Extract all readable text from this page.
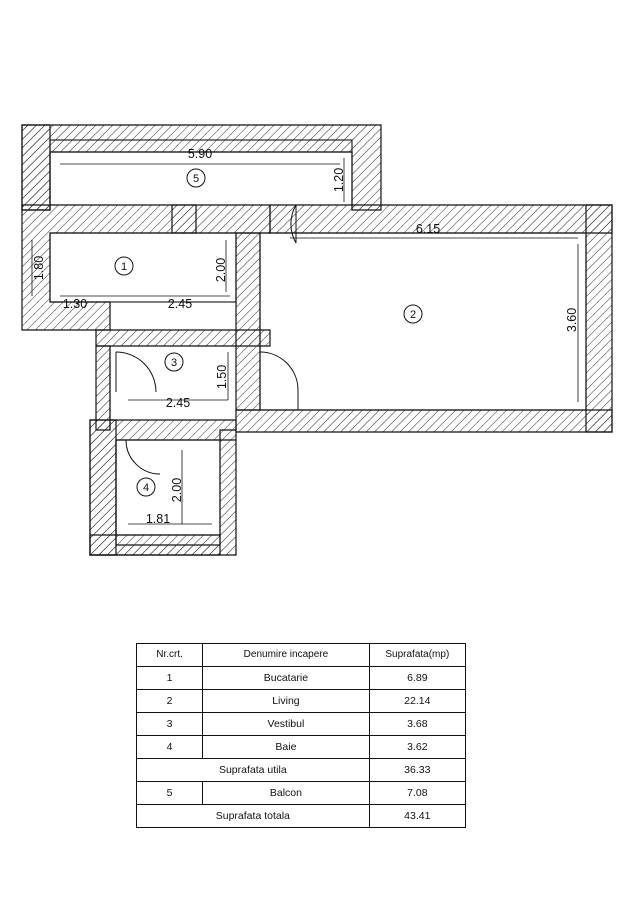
5.90
1.20
1.30
1.80
2.45
2.00
6.15
3.60
2.45
1.50
1.81
2.00
1
2
3
4
5
Nr.crt.	Denumire incapere	Suprafata(mp)
1	Bucatarie	6.89
2	Living	22.14
3	Vestibul	3.68
4	Baie	3.62
Suprafata utila		36.33
5	Balcon	7.08
Suprafata totala		43.41
